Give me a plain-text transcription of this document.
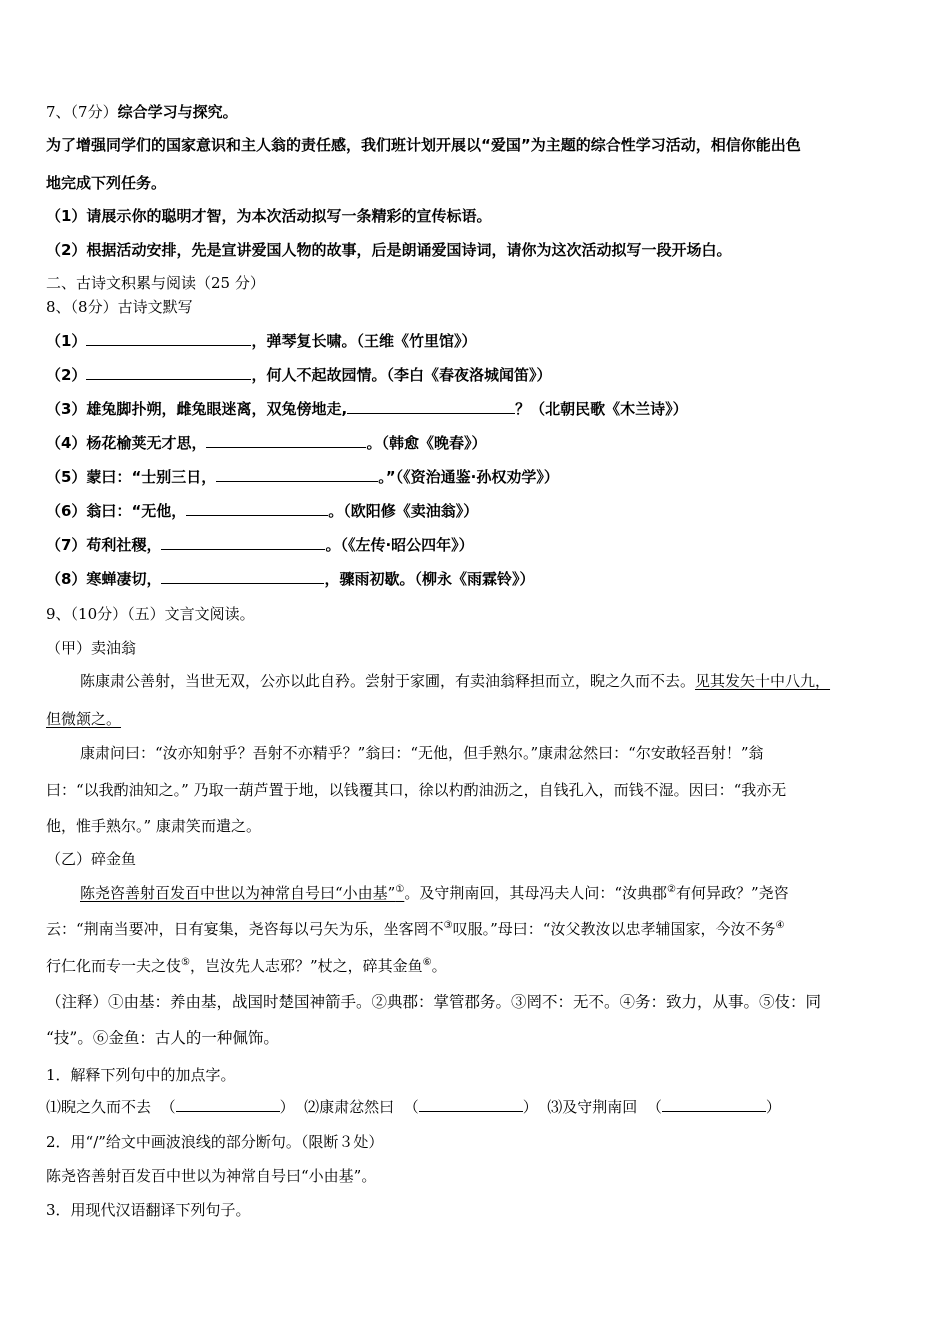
7、（7分）综合学习与探究。
为了增强同学们的国家意识和主人翁的责任感，我们班计划开展以“爱国”为主题的综合性学习活动，相信你能出色
地完成下列任务。
（1）请展示你的聪明才智，为本次活动拟写一条精彩的宣传标语。
（2）根据活动安排，先是宣讲爱国人物的故事，后是朗诵爱国诗词，请你为这次活动拟写一段开场白。
二、古诗文积累与阅读（25 分）
8、（8分）古诗文默写
（1）	，弹琴复长啸。（王维《竹里馆》）
（2）	，何人不起故园情。（李白《春夜洛城闻笛》）
（3）雄兔脚扑朔，雌兔眼迷离，双兔傍地走,	？（北朝民歌《木兰诗》）
（4）杨花榆荚无才思，	。（韩愈《晚春》）
（5）蒙曰：“士别三日，	。”（《资治通鉴·孙权劝学》）
（6）翁曰：“无他，	。（欧阳修《卖油翁》）
（7）苟利社稷，	。（《左传·昭公四年》）
（8）寒蝉凄切，	，骤雨初歇。（柳永《雨霖铃》）
9、（10分）（五）文言文阅读。
（甲）卖油翁
陈康肃公善射，当世无双，公亦以此自矜。尝射于家圃，有卖油翁释担而立，睨之久而不去。见其发矢十中八九，
但微颔之。
康肃问曰：“汝亦知射乎？吾射不亦精乎？”翁曰：“无他，但手熟尔。”康肃忿然曰：“尔安敢轻吾射！”翁
曰：“以我酌油知之。” 乃取一葫芦置于地，以钱覆其口，徐以杓酌油沥之，自钱孔入，而钱不湿。因曰：“我亦无
他，惟手熟尔。” 康肃笑而遣之。
（乙）碎金鱼
陈尧咨善射百发百中世以为神常自号曰“小由基”①。及守荆南回，其母冯夫人问：“汝典郡②有何异政？”尧咨
云：“荆南当要冲，日有宴集，尧咨每以弓矢为乐，坐客罔不③叹服。”母曰：“汝父教汝以忠孝辅国家，今汝不务④
行仁化而专一夫之伎⑤，岂汝先人志邪？”杖之，碎其金鱼⑥。
（注释）①由基：养由基，战国时楚国神箭手。②典郡：掌管郡务。③罔不：无不。④务：致力，从事。⑤伎：同
“技”。⑥金鱼：古人的一种佩饰。
1．解释下列句中的加点字。
⑴睨之久而不去 （	） ⑵康肃忿然曰 （	） ⑶及守荆南回 （	）
2．用“/”给文中画波浪线的部分断句。（限断３处）
陈尧咨善射百发百中世以为神常自号曰“小由基”。
3．用现代汉语翻译下列句子。
